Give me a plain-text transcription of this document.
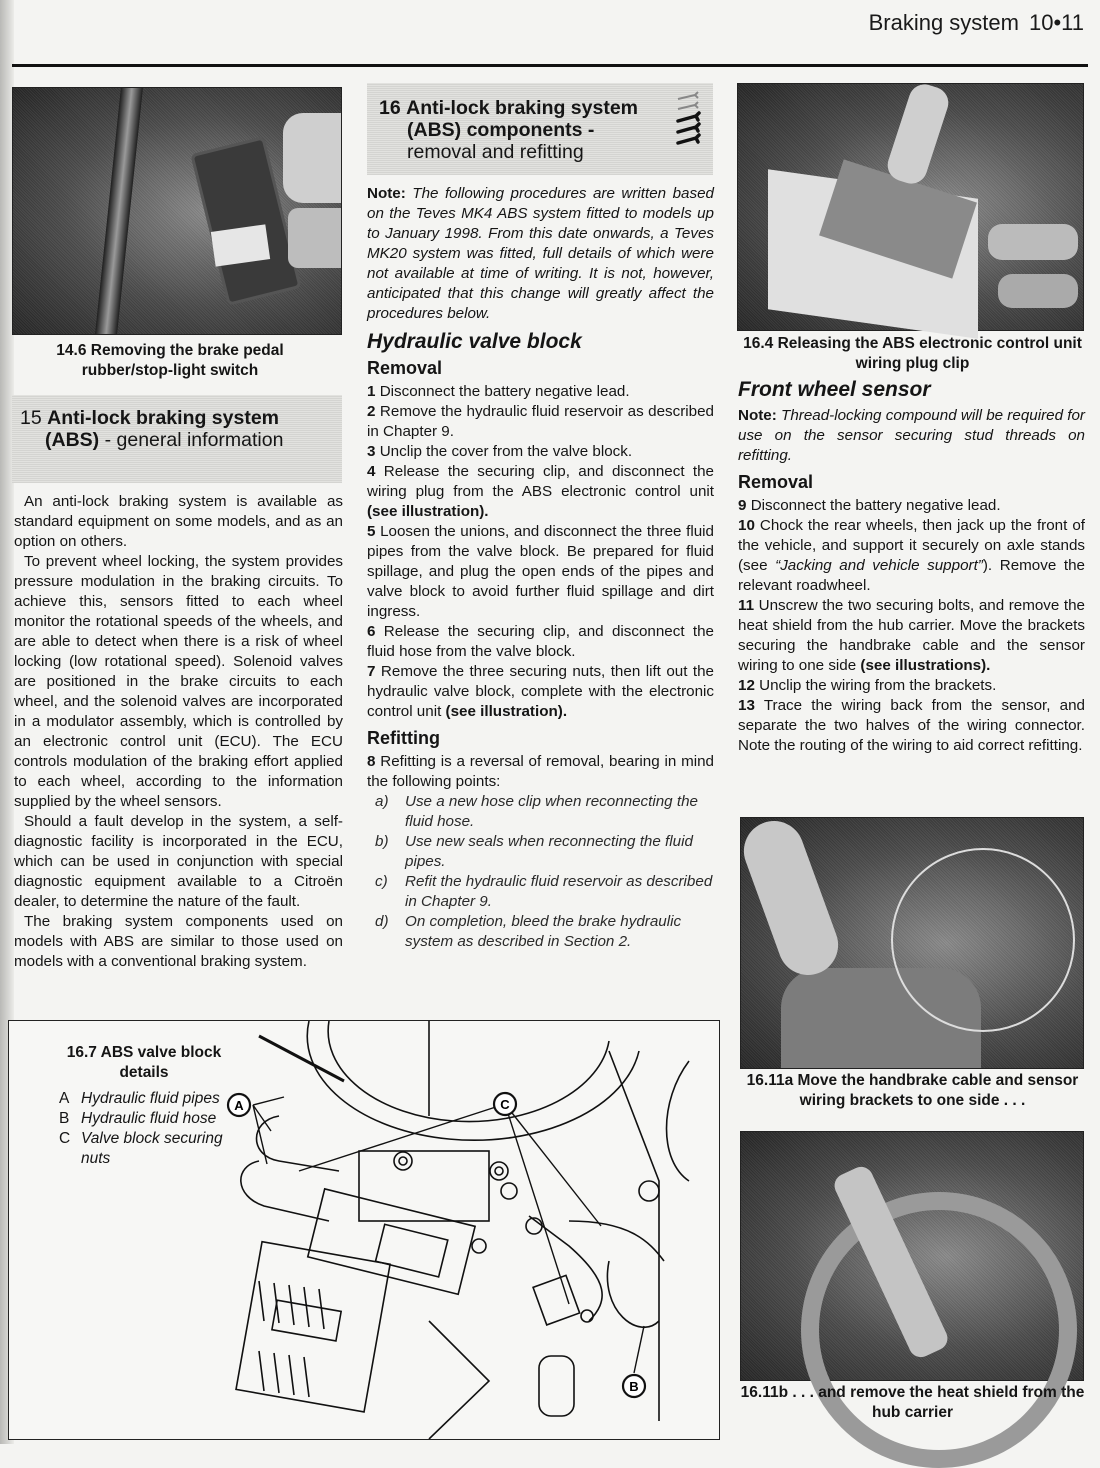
Braking system 10•11
14.6 Removing the brake pedal rubber/stop-light switch
15 Anti-lock braking system
(ABS) - general information

An anti-lock braking system is available as standard equipment on some models, and as an option on others.

To prevent wheel locking, the system provides pressure modulation in the braking circuits. To achieve this, sensors fitted to each wheel monitor the rotational speeds of the wheels, and are able to detect when there is a risk of wheel locking (low rotational speed). Solenoid valves are positioned in the brake circuits to each wheel, and the solenoid valves are incorporated in a modulator assembly, which is controlled by an electronic control unit (ECU). The ECU controls modulation of the braking effort applied to each wheel, according to the information supplied by the wheel sensors.

Should a fault develop in the system, a self-diagnostic facility is incorporated in the ECU, which can be used in conjunction with special diagnostic equipment available to a Citroën dealer, to determine the nature of the fault.

The braking system components used on models with ABS are similar to those used on models with a conventional braking system.

16 Anti-lock braking system
(ABS) components -
removal and refitting

Note: The following procedures are written based on the Teves MK4 ABS system fitted to models up to January 1998. From this date onwards, a Teves MK20 system was fitted, full details of which were not available at time of writing. It is not, however, anticipated that this change will greatly affect the procedures below.

Hydraulic valve block
Removal

1 Disconnect the battery negative lead.

2 Remove the hydraulic fluid reservoir as described in Chapter 9.

3 Unclip the cover from the valve block.

4 Release the securing clip, and disconnect the wiring plug from the ABS electronic control unit (see illustration).

5 Loosen the unions, and disconnect the three fluid pipes from the valve block. Be prepared for fluid spillage, and plug the open ends of the pipes and valve block to avoid further fluid spillage and dirt ingress.

6 Release the securing clip, and disconnect the fluid hose from the valve block.

7 Remove the three securing nuts, then lift out the hydraulic valve block, complete with the electronic control unit (see illustration).

Refitting

8 Refitting is a reversal of removal, bearing in mind the following points:

a)	Use a new hose clip when reconnecting the fluid hose.
b)	Use new seals when reconnecting the fluid pipes.
c)	Refit the hydraulic fluid reservoir as described in Chapter 9.
d)	On completion, bleed the brake hydraulic system as described in Section 2.
16.4 Releasing the ABS electronic control unit wiring plug clip
Front wheel sensor

Note: Thread-locking compound will be required for use on the sensor securing stud threads on refitting.

Removal

9 Disconnect the battery negative lead.

10 Chock the rear wheels, then jack up the front of the vehicle, and support it securely on axle stands (see “Jacking and vehicle support”). Remove the relevant roadwheel.

11 Unscrew the two securing bolts, and remove the heat shield from the hub carrier. Move the brackets securing the handbrake cable and the sensor wiring to one side (see illustrations).

12 Unclip the wiring from the brackets.

13 Trace the wiring back from the sensor, and separate the two halves of the wiring connector. Note the routing of the wiring to aid correct refitting.

16.11a Move the handbrake cable and sensor wiring brackets to one side . . .
16.11b . . . and remove the heat shield from the hub carrier
16.7 ABS valve block details
A Hydraulic fluid pipes
B Hydraulic fluid hose
C Valve block securing nuts
A
B
C
